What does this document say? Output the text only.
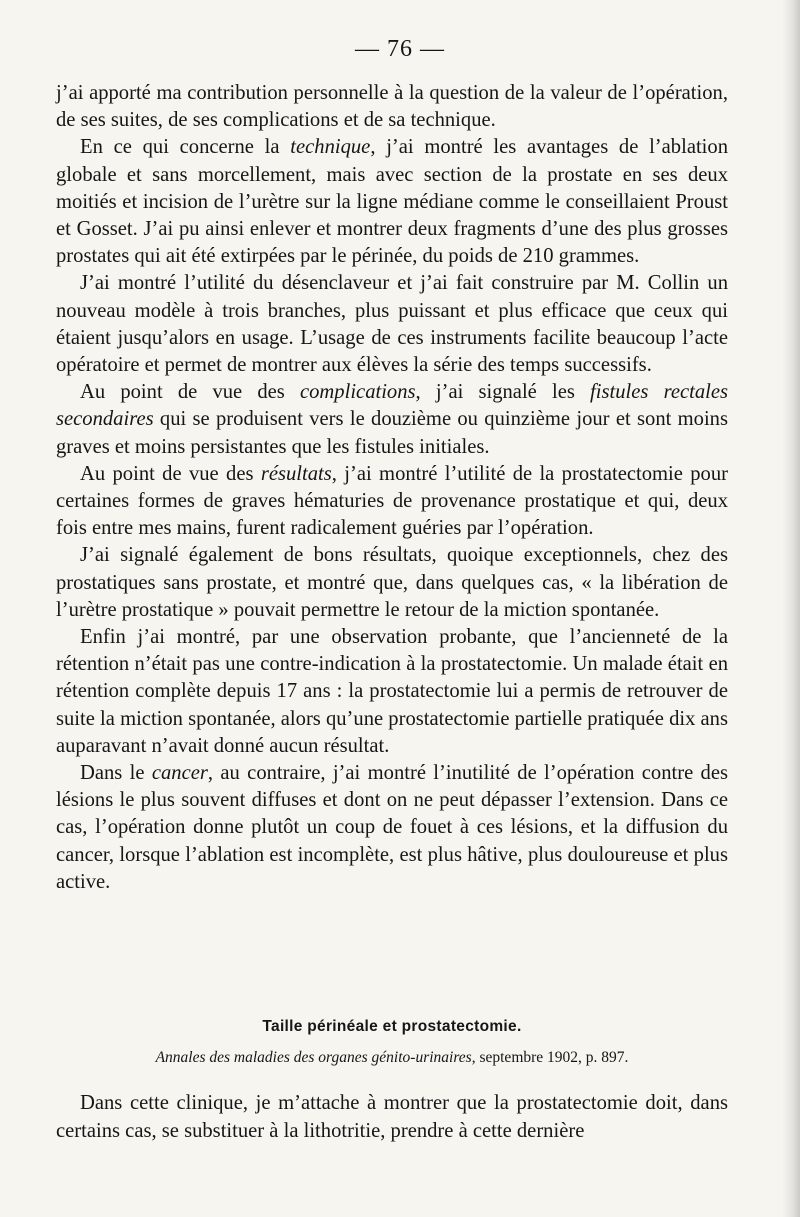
— 76 —

j’ai apporté ma contribution personnelle à la question de la valeur de l’opération, de ses suites, de ses complications et de sa technique.

En ce qui concerne la technique, j’ai montré les avantages de l’ablation globale et sans morcellement, mais avec section de la prostate en ses deux moitiés et incision de l’urètre sur la ligne médiane comme le conseillaient Proust et Gosset. J’ai pu ainsi enlever et montrer deux fragments d’une des plus grosses prostates qui ait été extirpées par le périnée, du poids de 210 grammes.

J’ai montré l’utilité du désenclaveur et j’ai fait construire par M. Collin un nouveau modèle à trois branches, plus puissant et plus efficace que ceux qui étaient jusqu’alors en usage. L’usage de ces instruments facilite beaucoup l’acte opératoire et permet de montrer aux élèves la série des temps successifs.

Au point de vue des complications, j’ai signalé les fistules rectales secondaires qui se produisent vers le douzième ou quinzième jour et sont moins graves et moins persistantes que les fistules initiales.

Au point de vue des résultats, j’ai montré l’utilité de la prostatectomie pour certaines formes de graves hématuries de provenance prostatique et qui, deux fois entre mes mains, furent radicalement guéries par l’opération.

J’ai signalé également de bons résultats, quoique exceptionnels, chez des prostatiques sans prostate, et montré que, dans quelques cas, « la libération de l’urètre prostatique » pouvait permettre le retour de la miction spontanée.

Enfin j’ai montré, par une observation probante, que l’ancienneté de la rétention n’était pas une contre-indication à la prostatectomie. Un malade était en rétention complète depuis 17 ans : la prostatectomie lui a permis de retrouver de suite la miction spontanée, alors qu’une prostatectomie partielle pratiquée dix ans auparavant n’avait donné aucun résultat.

Dans le cancer, au contraire, j’ai montré l’inutilité de l’opération contre des lésions le plus souvent diffuses et dont on ne peut dépasser l’extension. Dans ce cas, l’opération donne plutôt un coup de fouet à ces lésions, et la diffusion du cancer, lorsque l’ablation est incomplète, est plus hâtive, plus douloureuse et plus active.

Taille périnéale et prostatectomie.
Annales des maladies des organes génito-urinaires, septembre 1902, p. 897.

Dans cette clinique, je m’attache à montrer que la prostatectomie doit, dans certains cas, se substituer à la lithotritie, prendre à cette dernière
